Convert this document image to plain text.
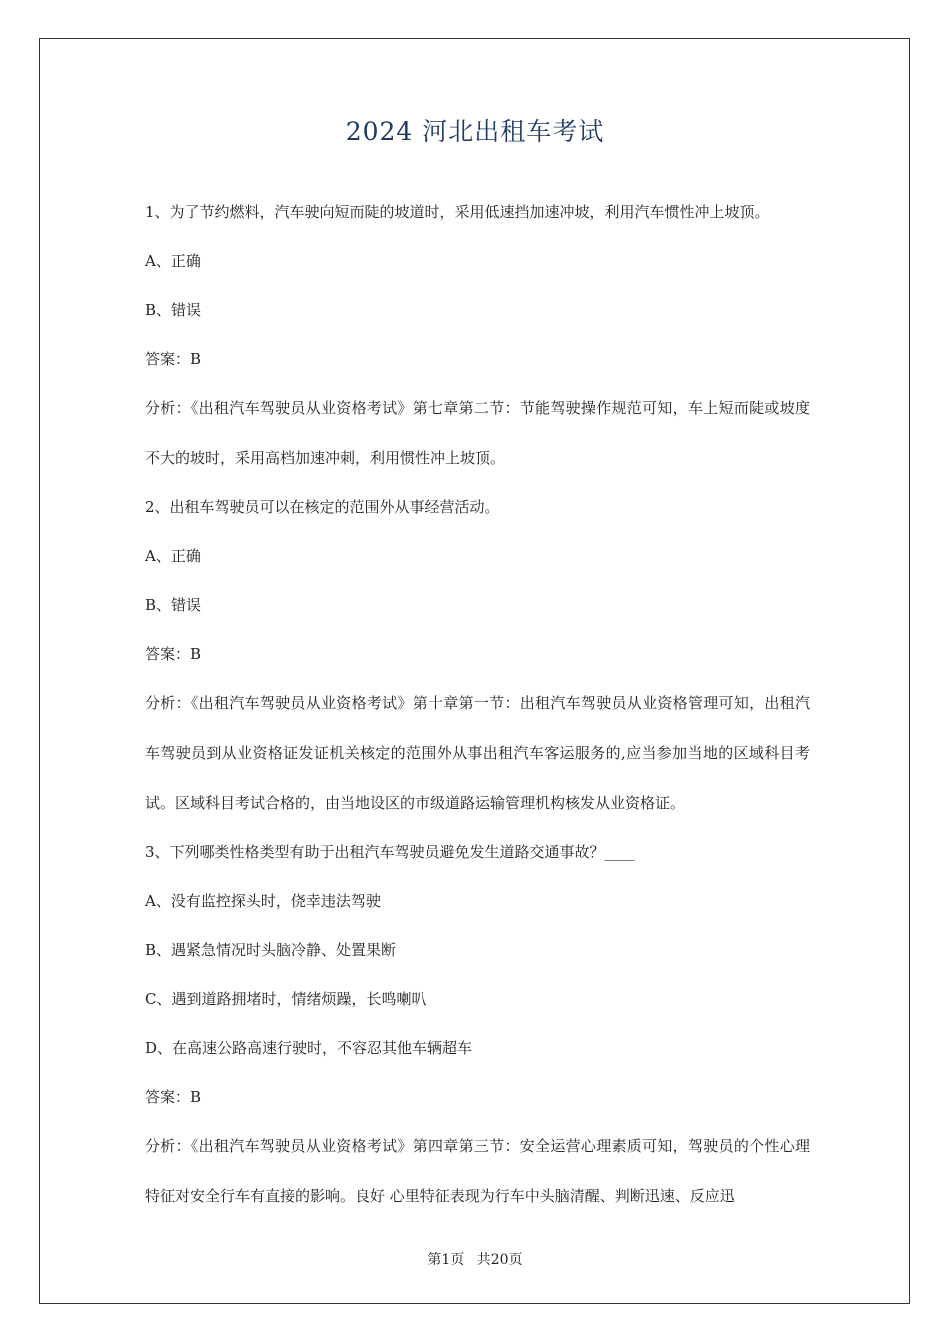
2024 河北出租车考试
1、为了节约燃料，汽车驶向短而陡的坡道时，采用低速挡加速冲坡，利用汽车惯性冲上坡顶。
A、正确
B、错误
答案：B
分析：《出租汽车驾驶员从业资格考试》第七章第二节：节能驾驶操作规范可知，车上短而陡或坡度不大的坡时，采用高档加速冲刺，利用惯性冲上坡顶。
2、出租车驾驶员可以在核定的范围外从事经营活动。
A、正确
B、错误
答案：B
分析：《出租汽车驾驶员从业资格考试》第十章第一节：出租汽车驾驶员从业资格管理可知，出租汽车驾驶员到从业资格证发证机关核定的范围外从事出租汽车客运服务的,应当参加当地的区域科目考试。区域科目考试合格的，由当地设区的市级道路运输管理机构核发从业资格证。
3、下列哪类性格类型有助于出租汽车驾驶员避免发生道路交通事故？____
A、没有监控探头时，侥幸违法驾驶
B、遇紧急情况时头脑冷静、处置果断
C、遇到道路拥堵时，情绪烦躁，长鸣喇叭
D、在高速公路高速行驶时，不容忍其他车辆超车
答案：B
分析：《出租汽车驾驶员从业资格考试》第四章第三节：安全运营心理素质可知，驾驶员的个性心理特征对安全行车有直接的影响。良好 心里特征表现为行车中头脑清醒、判断迅速、反应迅
第1页 共20页
